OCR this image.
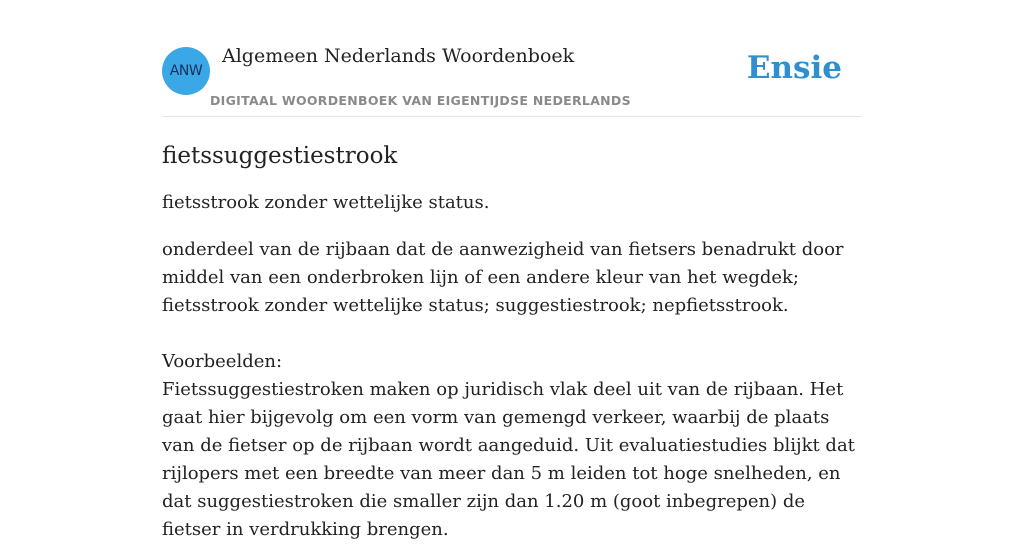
ANW
Algemeen Nederlands Woordenboek
DIGITAAL WOORDENBOEK VAN EIGENTIJDSE NEDERLANDS
Ensie
fietssuggestiestrook

fietsstrook zonder wettelijke status.

onderdeel van de rijbaan dat de aanwezigheid van fietsers benadrukt door middel van een onderbroken lijn of een andere kleur van het wegdek; fietsstrook zonder wettelijke status; suggestiestrook; nepfietsstrook.
Voorbeelden:
Fietssuggestiestroken maken op juridisch vlak deel uit van de rijbaan. Het gaat hier bijgevolg om een vorm van gemengd verkeer, waarbij de plaats van de fietser op de rijbaan wordt aangeduid. Uit evaluatiestudies blijkt dat rijlopers met een breedte van meer dan 5 m leiden tot hoge snelheden, en dat suggestiestroken die smaller zijn dan 1.20 m (goot inbegrepen) de fietser in verdrukking brengen.
